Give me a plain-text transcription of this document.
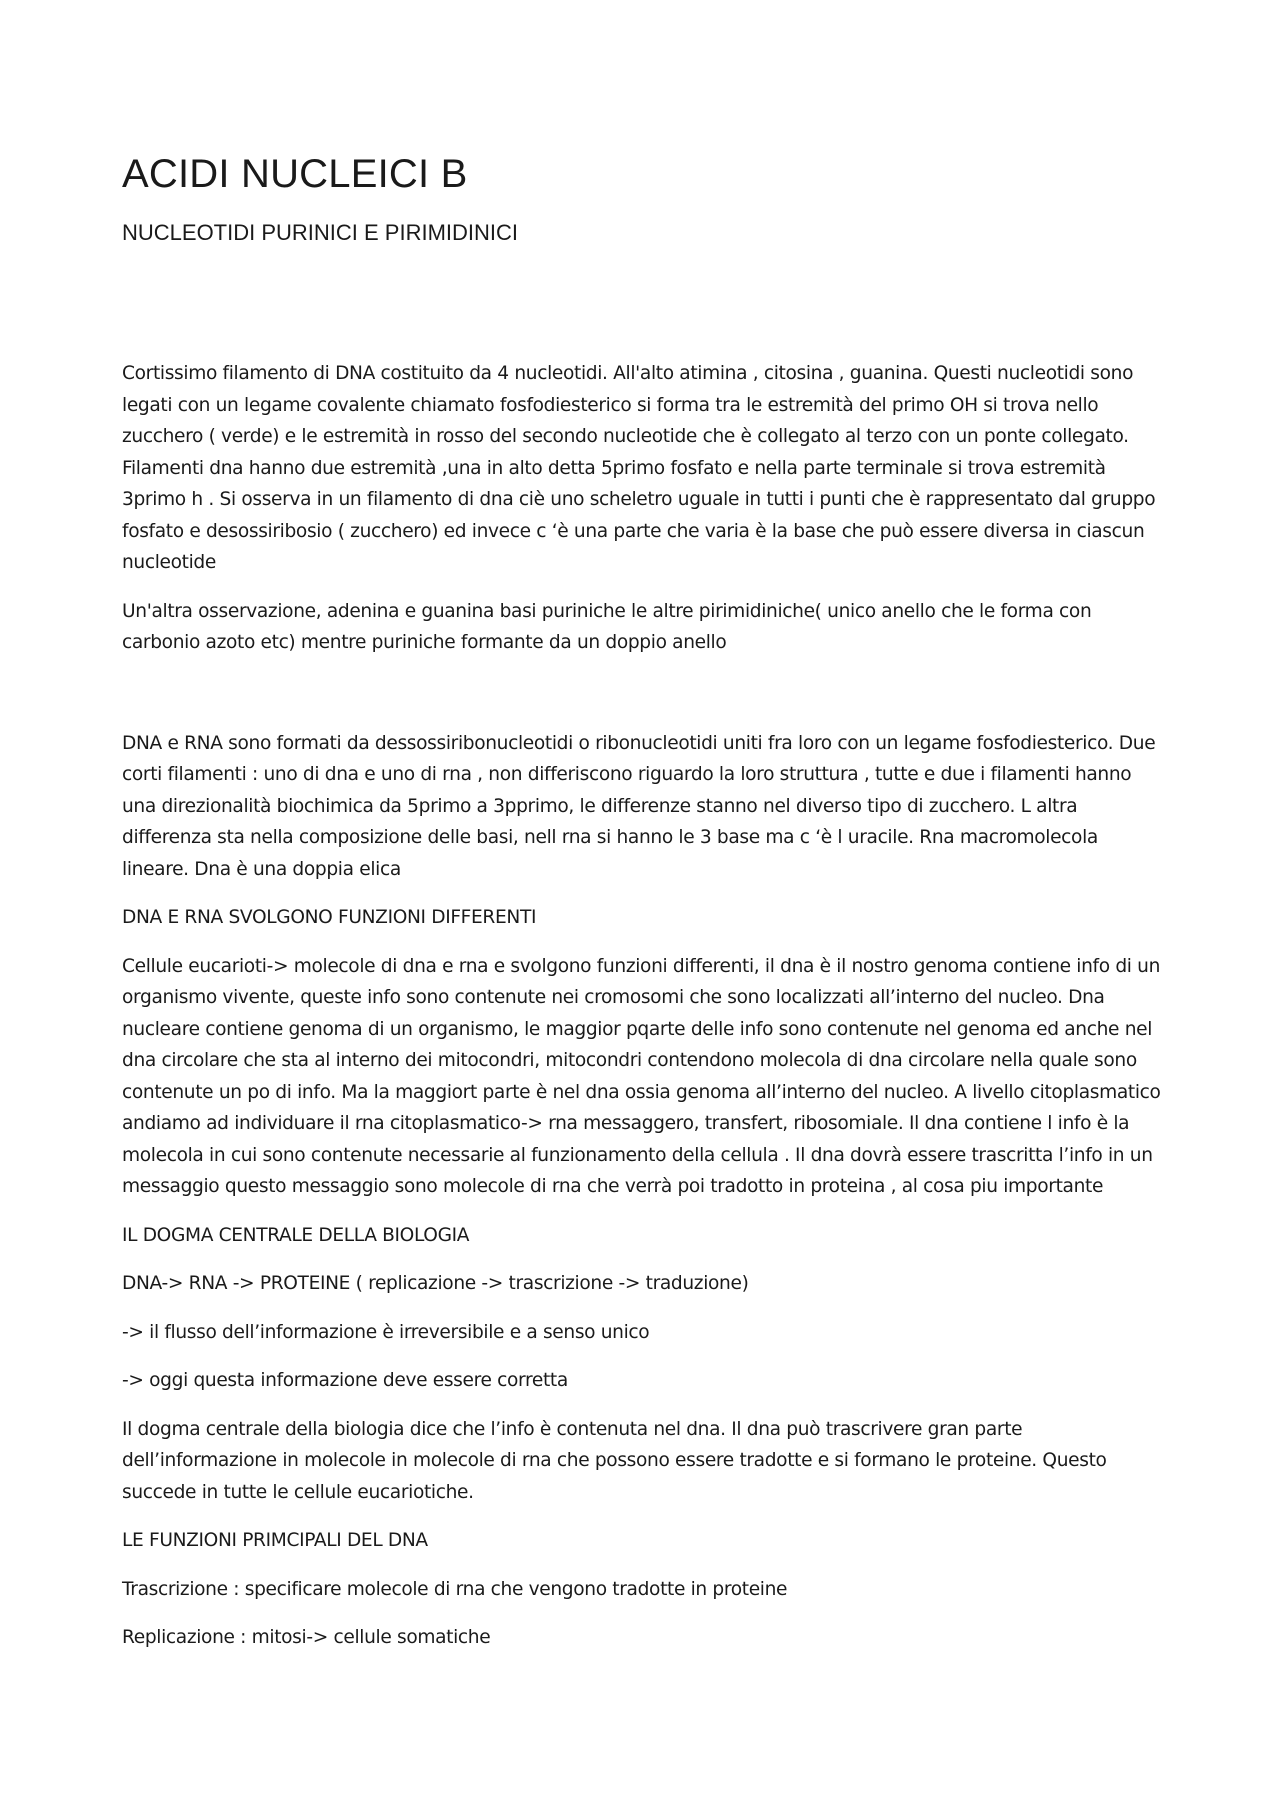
ACIDI NUCLEICI B
NUCLEOTIDI PURINICI E PIRIMIDINICI

Cortissimo filamento di DNA costituito da 4 nucleotidi. All'alto atimina , citosina , guanina. Questi nucleotidi sono legati con un legame covalente chiamato fosfodiesterico si forma tra le estremità del primo OH si trova nello zucchero ( verde) e le estremità in rosso del secondo nucleotide che è collegato al terzo con un ponte collegato. Filamenti dna hanno due estremità ,una in alto detta 5primo fosfato e nella parte terminale si trova estremità 3primo h . Si osserva in un filamento di dna ciè uno scheletro uguale in tutti i punti che è rappresentato dal gruppo fosfato e desossiribosio ( zucchero) ed invece c ‘è una parte che varia è la base che può essere diversa in ciascun nucleotide

Un'altra osservazione, adenina e guanina basi puriniche le altre pirimidiniche( unico anello che le forma con carbonio azoto etc) mentre puriniche formante da un doppio anello

DNA e RNA sono formati da dessossiribonucleotidi o ribonucleotidi uniti fra loro con un legame fosfodiesterico. Due corti filamenti : uno di dna e uno di rna , non differiscono riguardo la loro struttura , tutte e due i filamenti hanno una direzionalità biochimica da 5primo a 3pprimo, le differenze stanno nel diverso tipo di zucchero. L altra differenza sta nella composizione delle basi, nell rna si hanno le 3 base ma c ‘è l uracile. Rna macromolecola lineare. Dna è una doppia elica

DNA E RNA SVOLGONO FUNZIONI DIFFERENTI

Cellule eucarioti-> molecole di dna e rna e svolgono funzioni differenti, il dna è il nostro genoma contiene info di un organismo vivente, queste info sono contenute nei cromosomi che sono localizzati all’interno del nucleo. Dna nucleare contiene genoma di un organismo, le maggior pqarte delle info sono contenute nel genoma ed anche nel dna circolare che sta al interno dei mitocondri, mitocondri contendono molecola di dna circolare nella quale sono contenute un po di info. Ma la maggiort parte è nel dna ossia genoma all’interno del nucleo. A livello citoplasmatico andiamo ad individuare il rna citoplasmatico-> rna messaggero, transfert, ribosomiale. Il dna contiene l info è la molecola in cui sono contenute necessarie al funzionamento della cellula . Il dna dovrà essere trascritta l’info in un messaggio questo messaggio sono molecole di rna che verrà poi tradotto in proteina , al cosa piu importante

IL DOGMA CENTRALE DELLA BIOLOGIA

DNA-> RNA -> PROTEINE ( replicazione -> trascrizione -> traduzione)

-> il flusso dell’informazione è irreversibile e a senso unico

-> oggi questa informazione deve essere corretta

Il dogma centrale della biologia dice che l’info è contenuta nel dna. Il dna può trascrivere gran parte dell’informazione in molecole in molecole di rna che possono essere tradotte e si formano le proteine. Questo succede in tutte le cellule eucariotiche.

LE FUNZIONI PRIMCIPALI DEL DNA

Trascrizione : specificare molecole di rna che vengono tradotte in proteine

Replicazione : mitosi-> cellule somatiche
